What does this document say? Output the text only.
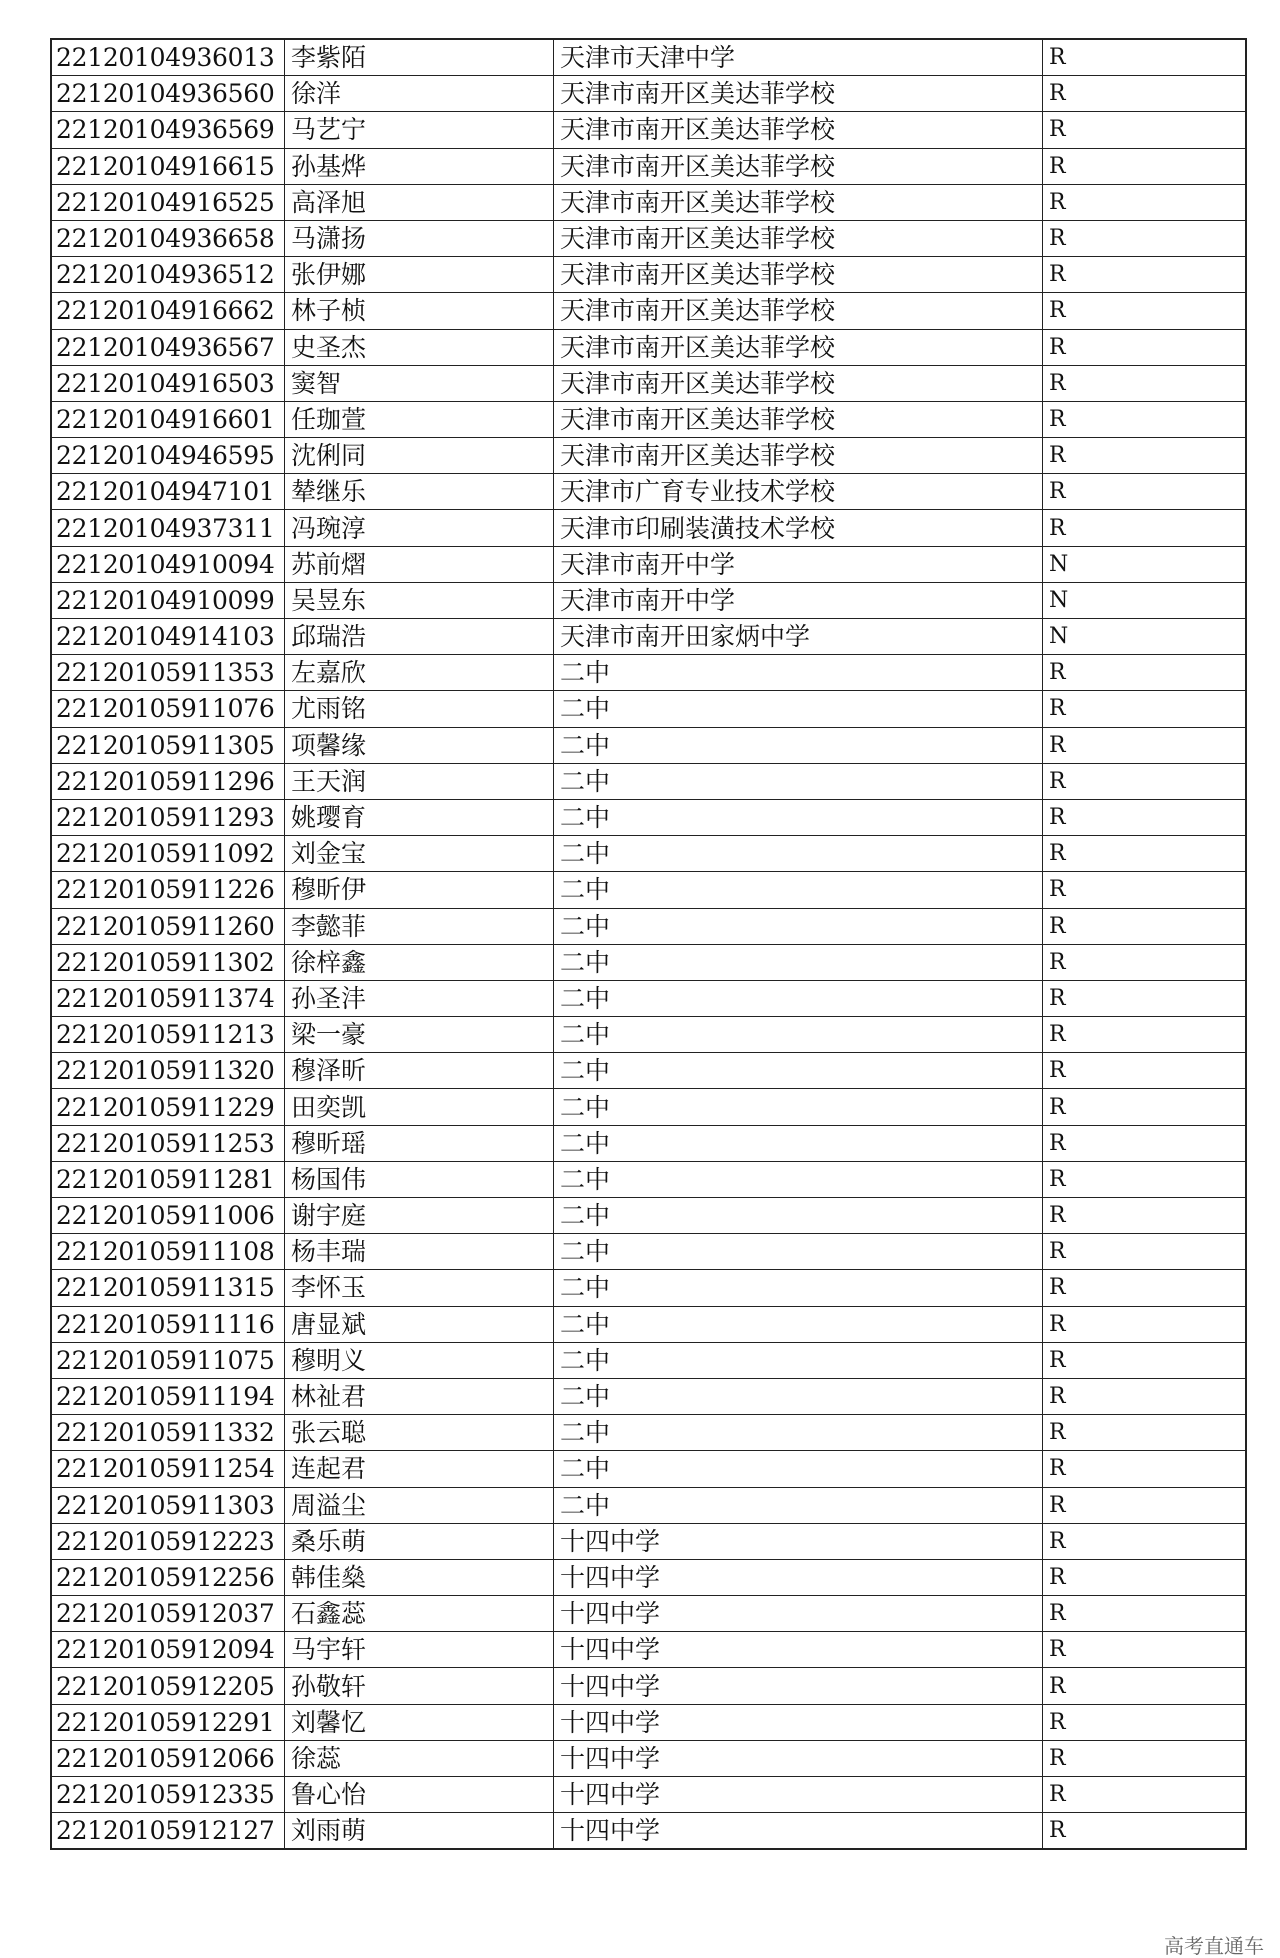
22120104936013	李紫陌	天津市天津中学	R
22120104936560	徐洋	天津市南开区美达菲学校	R
22120104936569	马艺宁	天津市南开区美达菲学校	R
22120104916615	孙基烨	天津市南开区美达菲学校	R
22120104916525	高泽旭	天津市南开区美达菲学校	R
22120104936658	马潇扬	天津市南开区美达菲学校	R
22120104936512	张伊娜	天津市南开区美达菲学校	R
22120104916662	林子桢	天津市南开区美达菲学校	R
22120104936567	史圣杰	天津市南开区美达菲学校	R
22120104916503	窦智	天津市南开区美达菲学校	R
22120104916601	任珈萱	天津市南开区美达菲学校	R
22120104946595	沈俐同	天津市南开区美达菲学校	R
22120104947101	辇继乐	天津市广育专业技术学校	R
22120104937311	冯琬淳	天津市印刷装潢技术学校	R
22120104910094	苏前熠	天津市南开中学	N
22120104910099	吴昱东	天津市南开中学	N
22120104914103	邱瑞浩	天津市南开田家炳中学	N
22120105911353	左嘉欣	二中	R
22120105911076	尤雨铭	二中	R
22120105911305	项馨缘	二中	R
22120105911296	王天润	二中	R
22120105911293	姚璎育	二中	R
22120105911092	刘金宝	二中	R
22120105911226	穆昕伊	二中	R
22120105911260	李懿菲	二中	R
22120105911302	徐梓鑫	二中	R
22120105911374	孙圣沣	二中	R
22120105911213	梁一豪	二中	R
22120105911320	穆泽昕	二中	R
22120105911229	田奕凯	二中	R
22120105911253	穆昕瑶	二中	R
22120105911281	杨国伟	二中	R
22120105911006	谢宇庭	二中	R
22120105911108	杨丰瑞	二中	R
22120105911315	李怀玉	二中	R
22120105911116	唐显斌	二中	R
22120105911075	穆明义	二中	R
22120105911194	林祉君	二中	R
22120105911332	张云聪	二中	R
22120105911254	连起君	二中	R
22120105911303	周溢尘	二中	R
22120105912223	桑乐萌	十四中学	R
22120105912256	韩佳燊	十四中学	R
22120105912037	石鑫蕊	十四中学	R
22120105912094	马宇轩	十四中学	R
22120105912205	孙敬轩	十四中学	R
22120105912291	刘馨忆	十四中学	R
22120105912066	徐蕊	十四中学	R
22120105912335	鲁心怡	十四中学	R
22120105912127	刘雨萌	十四中学	R
高考直通车
